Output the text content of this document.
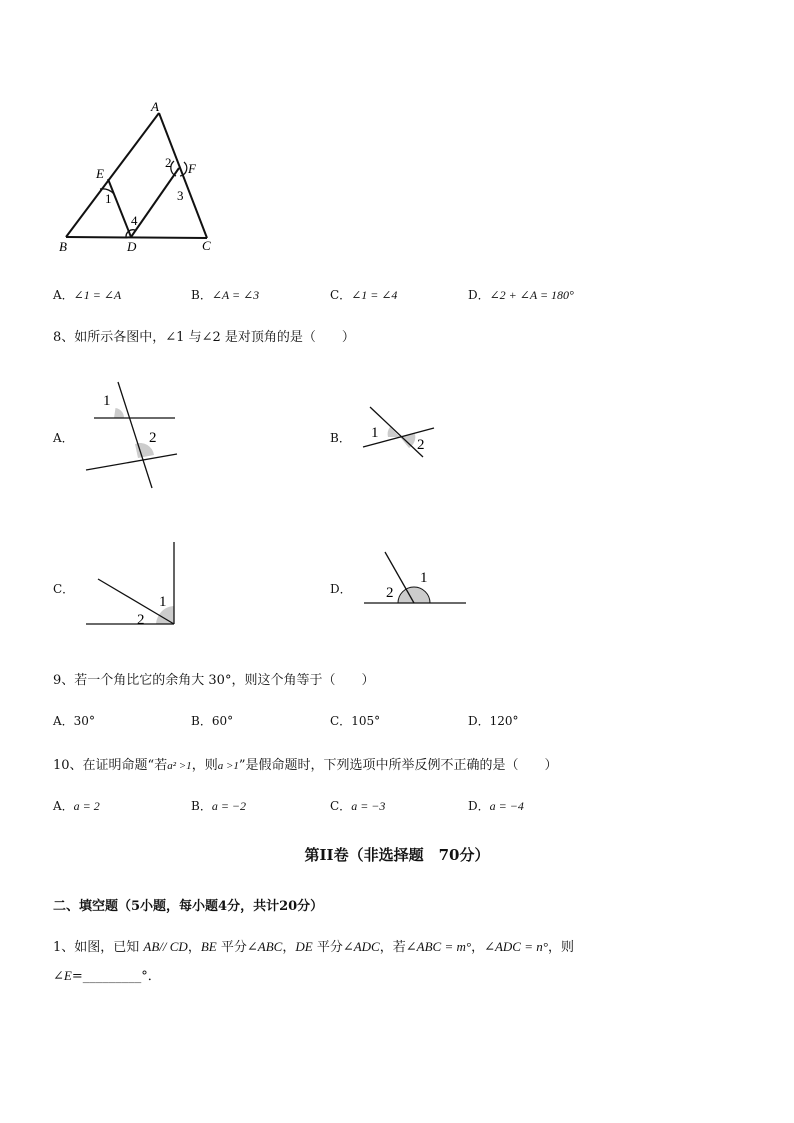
A
E	F
B	D	C
1
2
3
4
A．∠1 = ∠A	B．∠A = ∠3	C．∠1 = ∠4	D．∠2 + ∠A = 180°
8、如所示各图中，∠1 与∠2 是对顶角的是（　　）
A．
1
2	B． 1
2
C．
1
2
D．
1
2
9、若一个角比它的余角大 30°，则这个角等于（　　）
A．30°	B．60°	C．105°	D．120°
10、在证明命题“若a² >1，则a >1”是假命题时，下列选项中所举反例不正确的是（　　）
A．a = 2	B．a = −2	C．a = −3	D．a = −4
第II卷（非选择题　70分）
二、填空题（5小题，每小题4分，共计20分）
1、如图，已知 AB// CD，BE 平分∠ABC，DE 平分∠ADC，若∠ABC = m°，∠ADC = n°，则
∠E=_________°．
